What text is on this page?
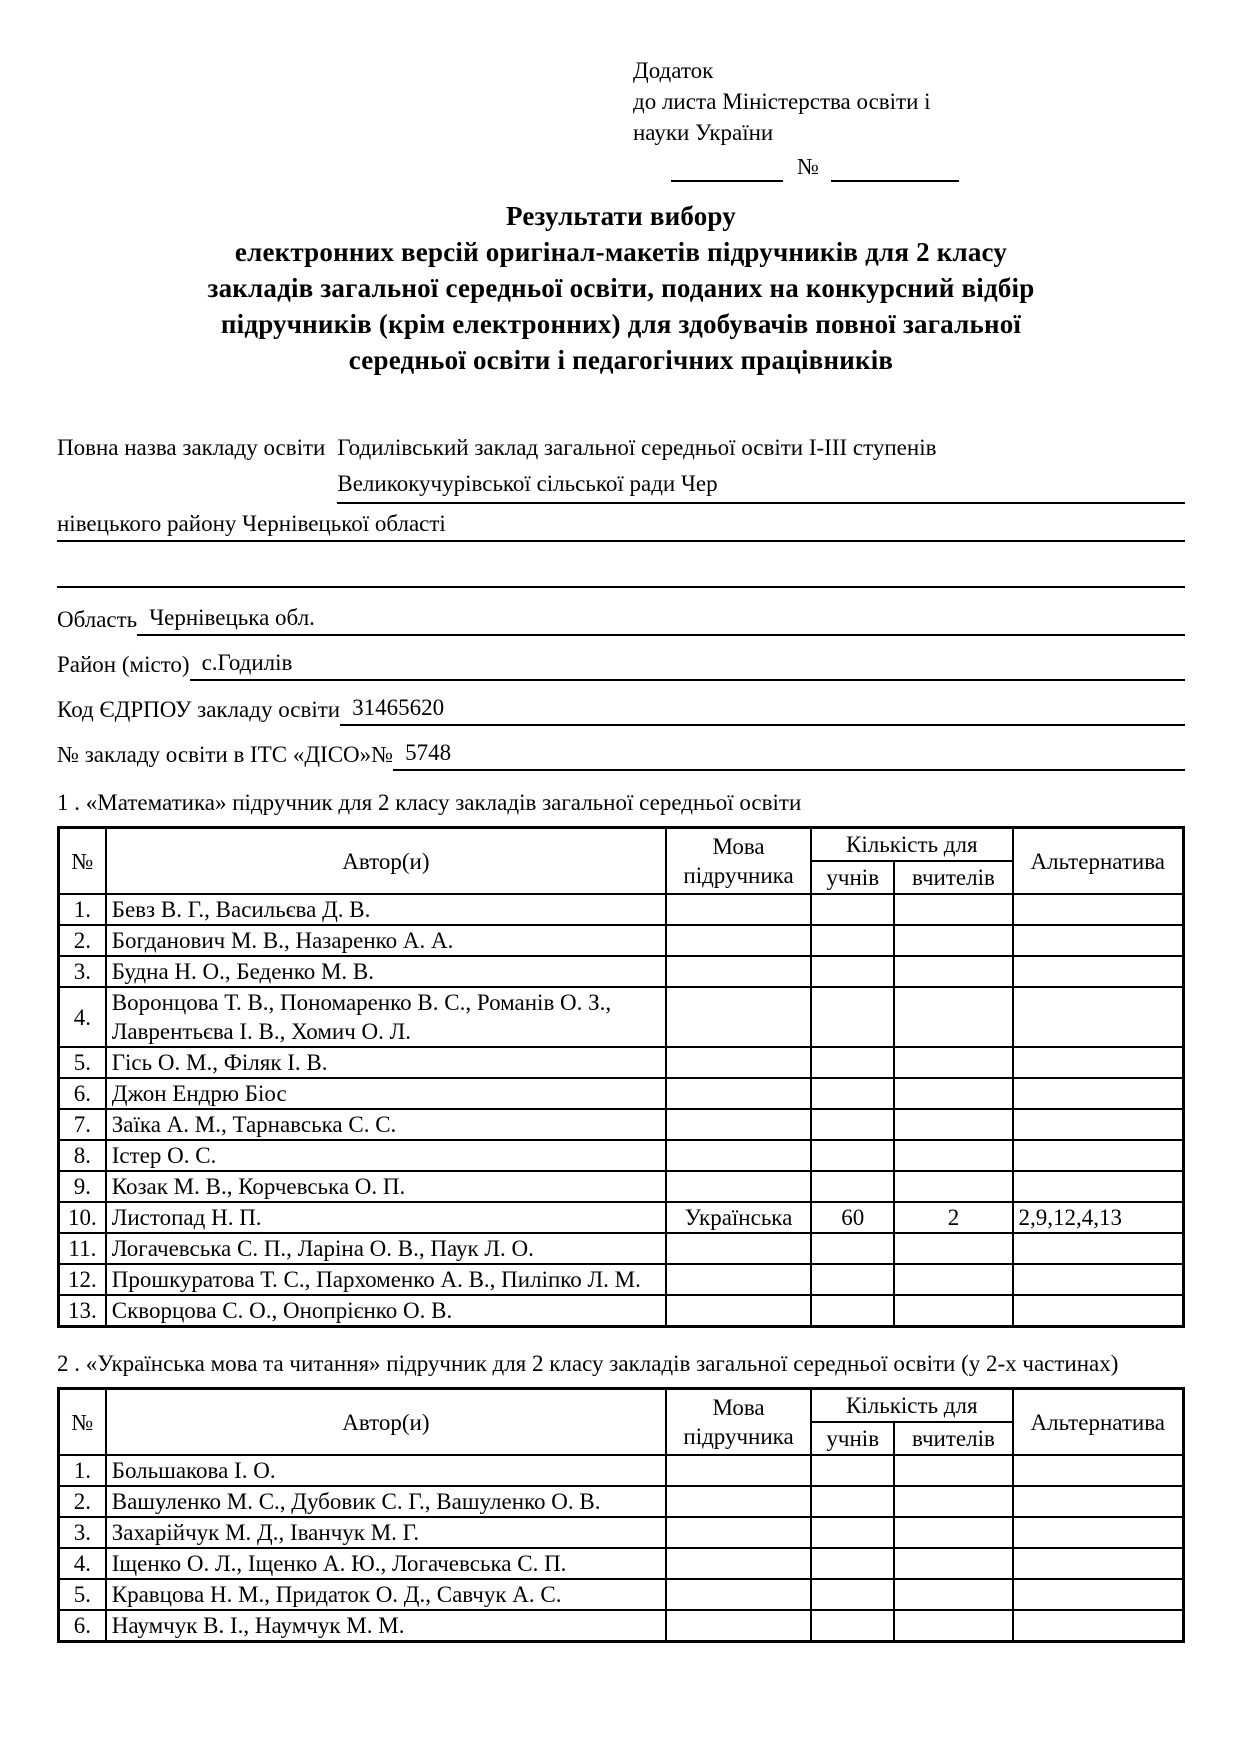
Додаток
до листа Міністерства освіти і
науки України
№
Результати вибору
електронних версій оригінал-макетів підручників для 2 класу
закладів загальної середньої освіти, поданих на конкурсний відбір
підручників (крім електронних) для здобувачів повної загальної
середньої освіти і педагогічних працівників
Повна назва закладу освіти Годилівський заклад загальної середньої освіти І-ІІІ ступенів
Великокучурівської сільської ради Чер
нівецького району Чернівецької області
Область Чернівецька обл.
Район (місто) с.Годилів
Код ЄДРПОУ закладу освіти 31465620
№ закладу освіти в ІТС «ДІСО»№ 5748
1 . «Математика» підручник для 2 класу закладів загальної середньої освіти
№	Автор(и)	Мова підручника	Кількість для		Альтернатива
			учнів	вчителів	
1.	Бевз В. Г., Васильєва Д. В.				
2.	Богданович М. В., Назаренко А. А.				
3.	Будна Н. О., Беденко М. В.				
4.	Воронцова Т. В., Пономаренко В. С., Романів О. З., Лаврентьєва І. В., Хомич О. Л.				
5.	Гісь О. М., Філяк І. В.				
6.	Джон Ендрю Біос				
7.	Заїка А. М., Тарнавська С. С.				
8.	Істер О. С.				
9.	Козак М. В., Корчевська О. П.				
10.	Листопад Н. П.	Українська	60	2	2,9,12,4,13
11.	Логачевська С. П., Ларіна О. В., Паук Л. О.				
12.	Прошкуратова Т. С., Пархоменко А. В., Пиліпко Л. М.				
13.	Скворцова С. О., Онопрієнко О. В.				
2 . «Українська мова та читання» підручник для 2 класу закладів загальної середньої освіти (у 2-х частинах)
№	Автор(и)	Мова підручника	Кількість для		Альтернатива
			учнів	вчителів	
1.	Большакова І. О.				
2.	Вашуленко М. С., Дубовик С. Г., Вашуленко О. В.				
3.	Захарійчук М. Д., Іванчук М. Г.				
4.	Іщенко О. Л., Іщенко А. Ю., Логачевська С. П.				
5.	Кравцова Н. М., Придаток О. Д., Савчук А. С.				
6.	Наумчук В. І., Наумчук М. М.				
